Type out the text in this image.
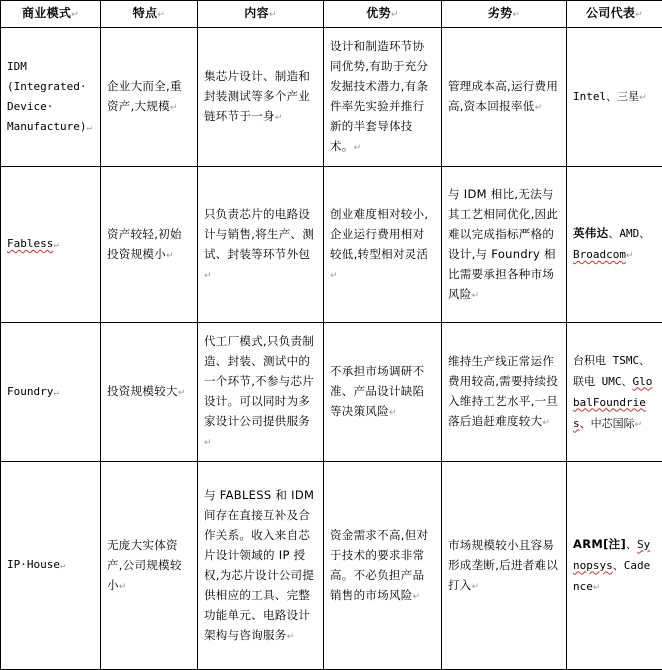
商业模式↵	特点↵	内容↵	优势↵	劣势↵	公司代表↵
IDM
(Integrated·
Device·
Manufacture)↵	企业大而全,重资产,大规模↵	集芯片设计、制造和封装测试等多个产业链环节于一身↵	设计和制造环节协同优势,有助于充分发掘技术潜力,有条件率先实验并推行新的半套导体技术。↵	管理成本高,运行费用高,资本回报率低↵	Intel、三星↵
Fabless↵	资产较轻,初始投资规模小↵	只负责芯片的电路设计与销售,将生产、测试、封装等环节外包↵	创业难度相对较小,企业运行费用相对较低,转型相对灵活↵	与 IDM 相比,无法与其工艺相同优化,因此难以完成指标严格的设计,与 Foundry 相比需要承担各种市场风险↵	英伟达、AMD、Broadcom↵
Foundry↵	投资规模较大↵	代工厂模式,只负责制造、封装、测试中的一个环节,不参与芯片设计。可以同时为多家设计公司提供服务↵	不承担市场调研不准、产品设计缺陷等决策风险↵	维持生产线正常运作费用较高,需要持续投入维持工艺水平,一旦落后追赶难度较大↵	台积电 TSMC、联电 UMC、GlobalFoundries、中芯国际↵
IP·House↵	无庞大实体资产,公司规模较小↵	与 FABLESS 和 IDM 间存在直接互补及合作关系。收入来自芯片设计领域的 IP 授权,为芯片设计公司提供相应的工具、完整功能单元、电路设计架构与咨询服务↵	资金需求不高,但对于技术的要求非常高。不必负担产品销售的市场风险↵	市场规模较小且容易形成垄断,后进者难以打入↵	ARM[注]、Synopsys、Cadence↵
